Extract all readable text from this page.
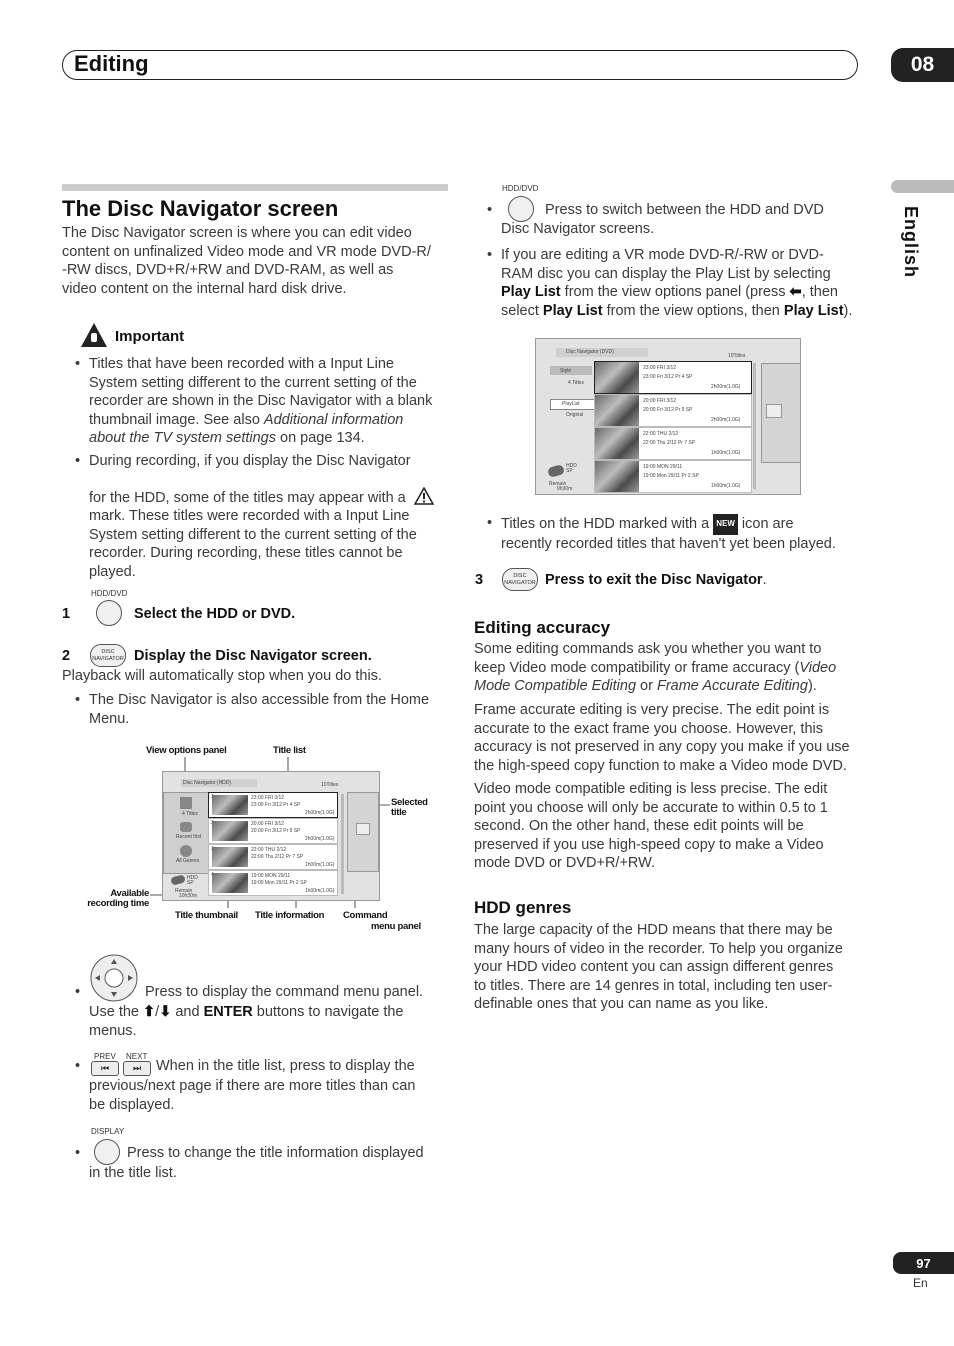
Editing	08
English
The Disc Navigator screen
The Disc Navigator screen is where you can edit video
content on unfinalized Video mode and VR mode DVD-R/
-RW discs, DVD+R/+RW and DVD-RAM, as well as
video content on the internal hard disk drive.
Important
• Titles that have been recorded with a Input Line
System setting different to the current setting of the
recorder are shown in the Disc Navigator with a blank
thumbnail image. See also Additional information
about the TV system settings on page 134.
• During recording, if you display the Disc Navigator
for the HDD, some of the titles may appear with a
mark. These titles were recorded with a Input Line
System setting different to the current setting of the
recorder. During recording, these titles cannot be
played.
HDD/DVD
1	Select the HDD or DVD.
2	DISC NAVIGATOR Display the Disc Navigator screen.
Playback will automatically stop when you do this.
• The Disc Navigator is also accessible from the Home
Menu.
View options panel	Title list
Selected
title
Available
recording time
Title thumbnail Title information Command
menu panel
Disc Navigator (HDD)	10Titles
4 Titles
Recent first
All Genres
HDD
SP
Remain
10h30m
23:00 FRI 3/12
23:00 Fri 3/12 Pr 4 SP
2h00m(1.0G)
20:00 FRI 3/12
20:00 Fri 3/12 Pr 9 SP
2h00m(1.0G)
22:00 THU 2/12
22:00 Thu 2/12 Pr 7 SP
1h00m(1.0G)
19:00 MON 29/11
19:00 Mon 29/11 Pr 2 SP
1h00m(1.0G)
•	Press to display the command menu panel.
Use the ⬆/⬇ and ENTER buttons to navigate the
menus.
PREV NEXT
⏮	⏭
•	When in the title list, press to display the
previous/next page if there are more titles than can
be displayed.
DISPLAY
•	Press to change the title information displayed
in the title list.
HDD/DVD
•	Press to switch between the HDD and DVD
Disc Navigator screens.
• If you are editing a VR mode DVD-R/-RW or DVD-
RAM disc you can display the Play List by selecting
Play List from the view options panel (press ⬅, then
select Play List from the view options, then Play List).
Disc Navigator (DVD)
10Titles
Style
4 Titles
PlayList
Original
HDD
SP
Remain
0h30m
23:00 FRI 3/12
23:00 Fri 3/12 Pr 4 SP
2h00m(1.0G)
20:00 FRI 3/12
20:00 Fri 3/12 Pr 9 SP
2h00m(1.0G)
22:00 THU 2/12
22:00 Thu 2/12 Pr 7 SP
1h00m(1.0G)
19:00 MON 29/11
19:00 Mon 29/11 Pr 2 SP
1h00m(1.0G)
• Titles on the HDD marked with a NEW icon are
recently recorded titles that haven't yet been played.
3	DISC NAVIGATOR Press to exit the Disc Navigator.
Editing accuracy
Some editing commands ask you whether you want to
keep Video mode compatibility or frame accuracy (Video
Mode Compatible Editing or Frame Accurate Editing).
Frame accurate editing is very precise. The edit point is
accurate to the exact frame you choose. However, this
accuracy is not preserved in any copy you make if you use
the high-speed copy function to make a Video mode DVD.
Video mode compatible editing is less precise. The edit
point you choose will only be accurate to within 0.5 to 1
second. On the other hand, these edit points will be
preserved if you use high-speed copy to make a Video
mode DVD or DVD+R/+RW.
HDD genres
The large capacity of the HDD means that there may be
many hours of video in the recorder. To help you organize
your HDD video content you can assign different genres
to titles. There are 14 genres in total, including ten user-
definable ones that you can name as you like.
97
En
